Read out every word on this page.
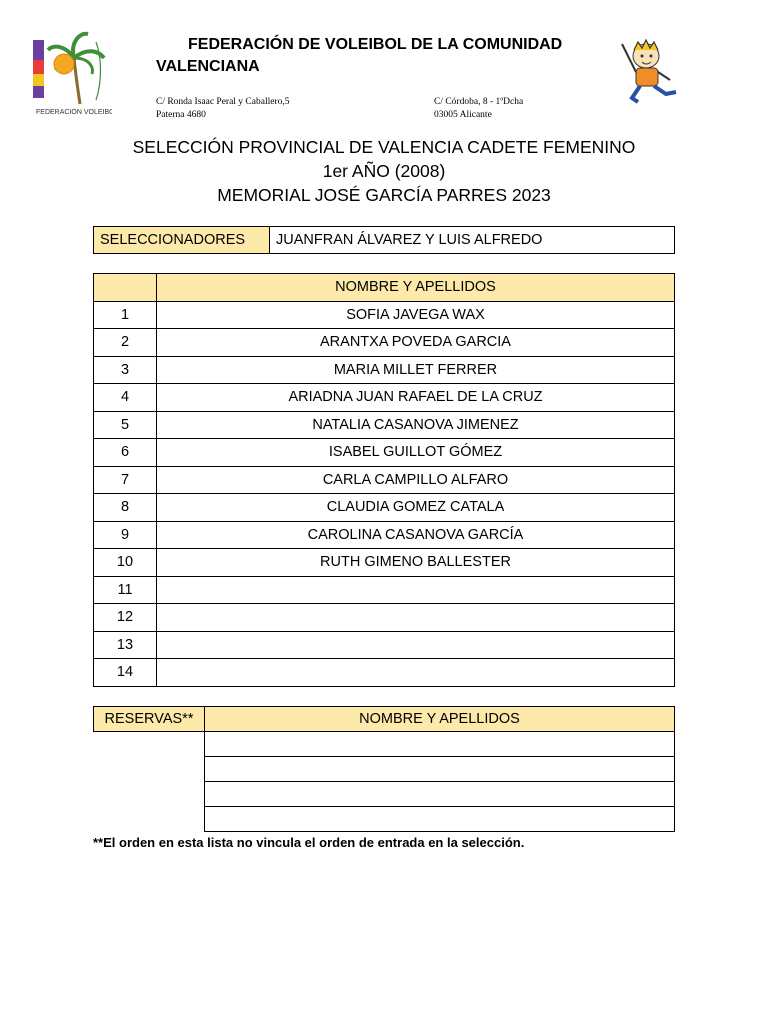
FEDERACION VOLEIBOL
FEDERACIÓN DE VOLEIBOL DE LA COMUNIDAD
VALENCIANA
C/ Ronda Isaac Peral y Caballero,5
Paterna 4680
C/ Córdoba, 8 - 1ºDcha
03005 Alicante
SELECCIÓN PROVINCIAL DE VALENCIA CADETE FEMENINO
1er AÑO (2008)
MEMORIAL JOSÉ GARCÍA PARRES 2023
SELECCIONADORES	JUANFRAN ÁLVAREZ Y LUIS ALFREDO
	NOMBRE Y APELLIDOS
1	SOFIA JAVEGA WAX
2	ARANTXA POVEDA GARCIA
3	MARIA MILLET FERRER
4	ARIADNA JUAN RAFAEL DE LA CRUZ
5	NATALIA CASANOVA JIMENEZ
6	ISABEL GUILLOT GÓMEZ
7	CARLA CAMPILLO ALFARO
8	CLAUDIA GOMEZ CATALA
9	CAROLINA CASANOVA GARCÍA
10	RUTH GIMENO BALLESTER
11	
12	
13	
14	
RESERVAS**	NOMBRE Y APELLIDOS

**El orden en esta lista no vincula el orden de entrada en la selección.
